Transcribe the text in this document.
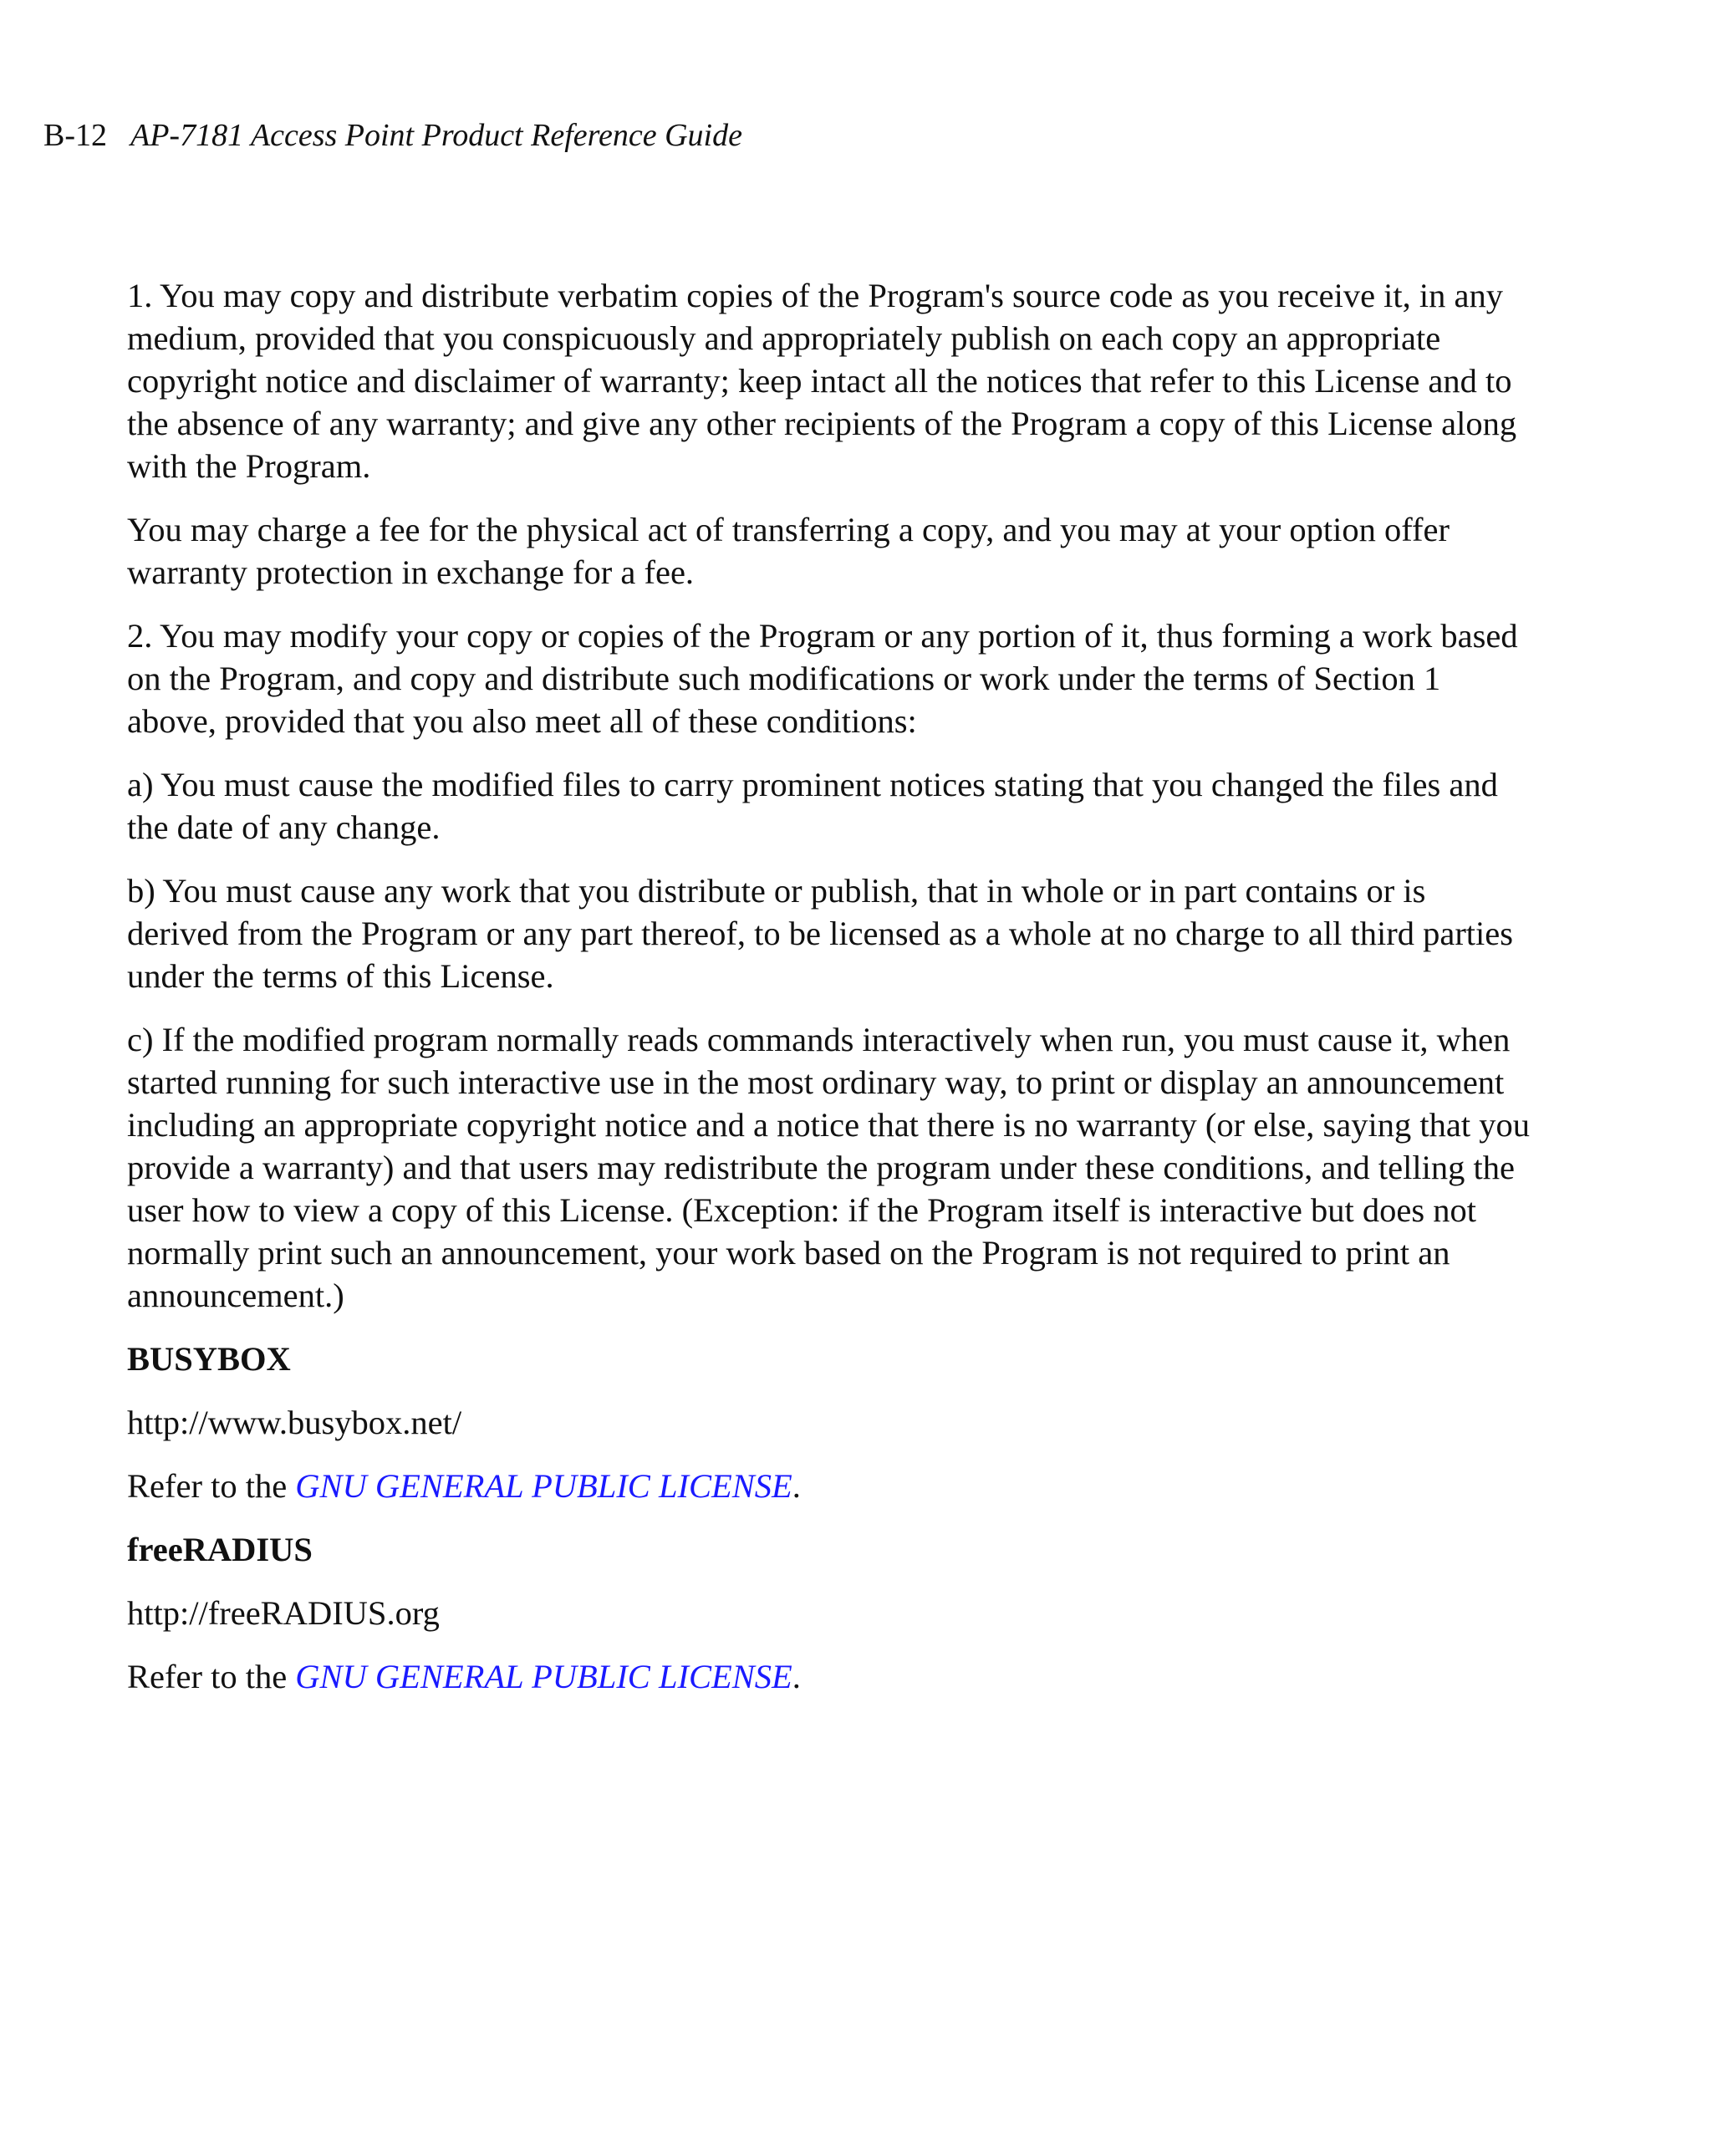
B-12 AP-7181 Access Point Product Reference Guide

1. You may copy and distribute verbatim copies of the Program's source code as you receive it, in any medium, provided that you conspicuously and appropriately publish on each copy an appropriate copyright notice and disclaimer of warranty; keep intact all the notices that refer to this License and to the absence of any warranty; and give any other recipients of the Program a copy of this License along with the Program.

You may charge a fee for the physical act of transferring a copy, and you may at your option offer warranty protection in exchange for a fee.

2. You may modify your copy or copies of the Program or any portion of it, thus forming a work based on the Program, and copy and distribute such modifications or work under the terms of Section 1 above, provided that you also meet all of these conditions:

a) You must cause the modified files to carry prominent notices stating that you changed the files and the date of any change.

b) You must cause any work that you distribute or publish, that in whole or in part contains or is derived from the Program or any part thereof, to be licensed as a whole at no charge to all third parties under the terms of this License.

c) If the modified program normally reads commands interactively when run, you must cause it, when started running for such interactive use in the most ordinary way, to print or display an announcement including an appropriate copyright notice and a notice that there is no warranty (or else, saying that you provide a warranty) and that users may redistribute the program under these conditions, and telling the user how to view a copy of this License. (Exception: if the Program itself is interactive but does not normally print such an announcement, your work based on the Program is not required to print an announcement.)

BUSYBOX

http://www.busybox.net/

Refer to the GNU GENERAL PUBLIC LICENSE.

freeRADIUS

http://freeRADIUS.org

Refer to the GNU GENERAL PUBLIC LICENSE.
